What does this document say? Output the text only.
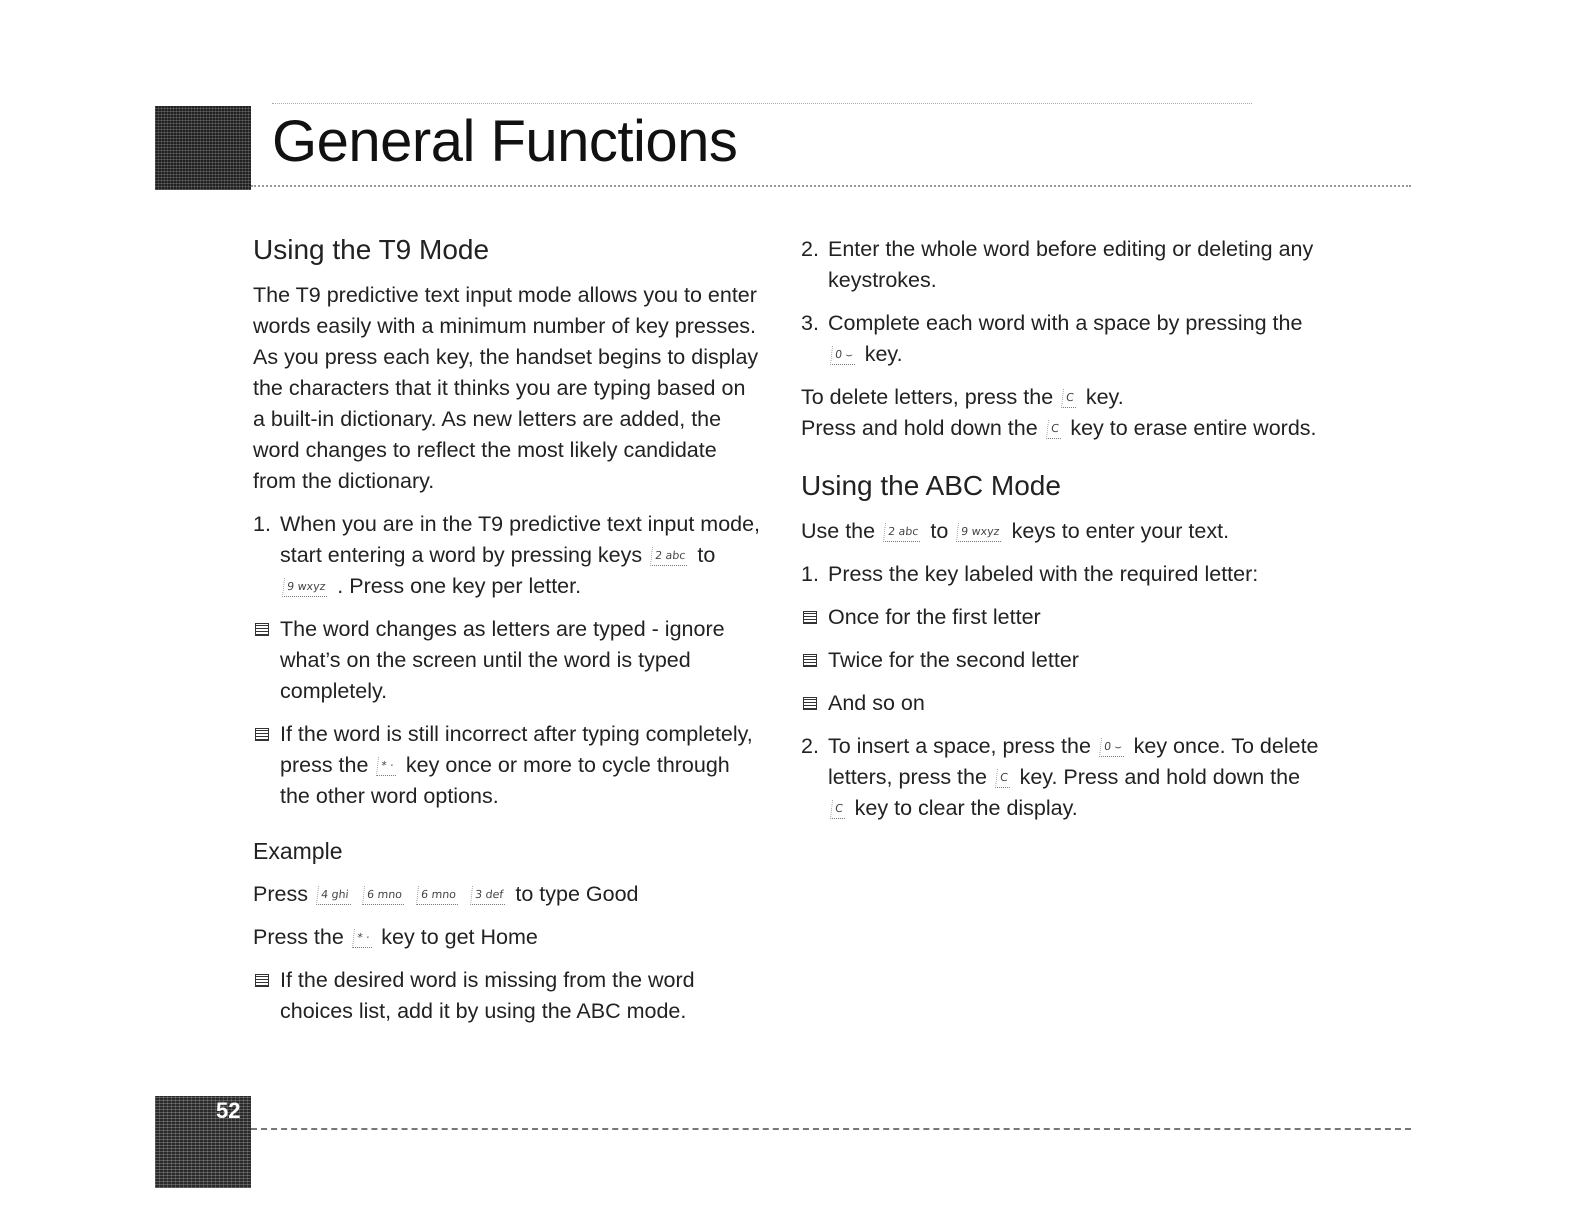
General Functions
Using the T9 Mode

The T9 predictive text input mode allows you to enter words easily with a minimum number of key presses. As you press each key, the handset begins to display the characters that it thinks you are typing based on a built-in dictionary. As new letters are added, the word changes to reflect the most likely candidate from the dictionary.

1. When you are in the T9 predictive text input mode, start entering a word by pressing keys 2 abc to 9 wxyz . Press one key per letter.
The word changes as letters are typed - ignore what’s on the screen until the word is typed completely.
If the word is still incorrect after typing completely, press the * · key once or more to cycle through the other word options.
Example

Press 4 ghi 6 mno 6 mno 3 def to type Good

Press the * · key to get Home

If the desired word is missing from the word choices list, add it by using the ABC mode.
2. Enter the whole word before editing or deleting any keystrokes.
3. Complete each word with a space by pressing the 0 ⌣ key.

To delete letters, press the C key.

Press and hold down the C key to erase entire words.

Using the ABC Mode

Use the 2 abc to 9 wxyz keys to enter your text.

1. Press the key labeled with the required letter:
Once for the first letter
Twice for the second letter
And so on
2. To insert a space, press the 0 ⌣ key once. To delete letters, press the C key. Press and hold down the C key to clear the display.
52
